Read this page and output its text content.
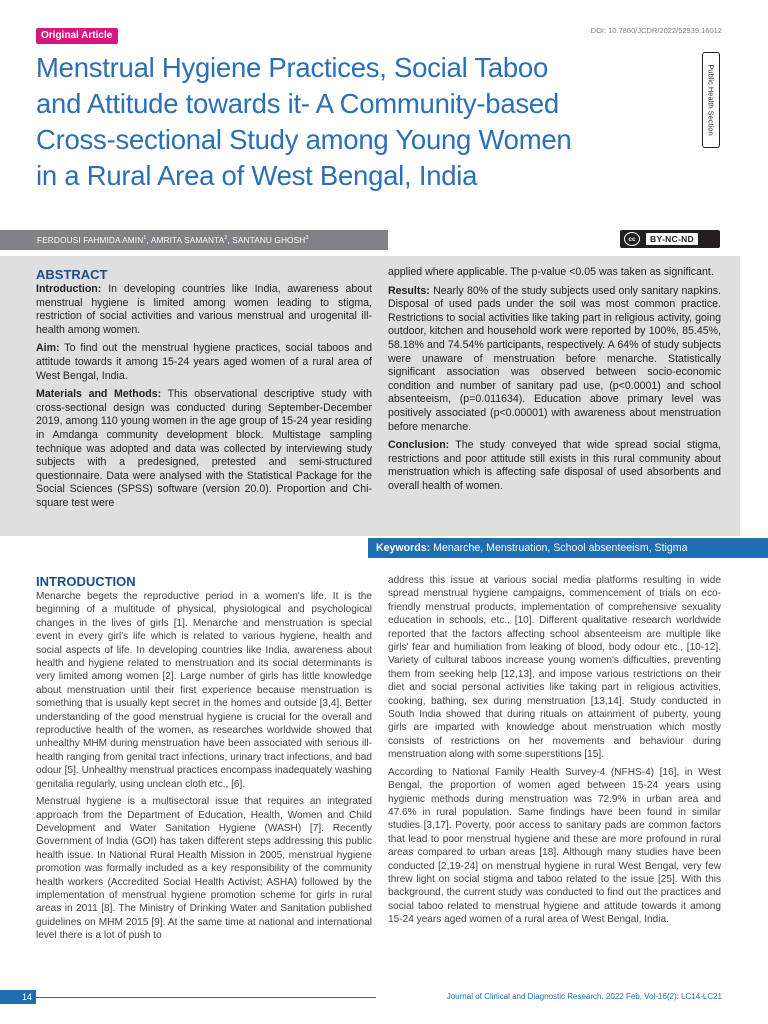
Original Article	DOI: 10.7860/JCDR/2022/52939.16012
Public Health Section
Menstrual Hygiene Practices, Social Taboo
and Attitude towards it- A Community-based
Cross-sectional Study among Young Women
in a Rural Area of West Bengal, India
FERDOUSI FAHMIDA AMIN$^1$, AMRITA SAMANTA$^2$, SANTANU GHOSH$^3$	cc	BY-NC-ND
ABSTRACT

Introduction: In developing countries like India, awareness about menstrual hygiene is limited among women leading to stigma, restriction of social activities and various menstrual and urogenital ill-health among women.

Aim: To find out the menstrual hygiene practices, social taboos and attitude towards it among 15-24 years aged women of a rural area of West Bengal, India.

Materials and Methods: This observational descriptive study with cross-sectional design was conducted during September-December 2019, among 110 young women in the age group of 15-24 year residing in Amdanga community development block. Multistage sampling technique was adopted and data was collected by interviewing study subjects with a predesigned, pretested and semi-structured questionnaire. Data were analysed with the Statistical Package for the Social Sciences (SPSS) software (version 20.0). Proportion and Chi-square test were

applied where applicable. The p-value <0.05 was taken as significant.

Results: Nearly 80% of the study subjects used only sanitary napkins. Disposal of used pads under the soil was most common practice. Restrictions to social activities like taking part in religious activity, going outdoor, kitchen and household work were reported by 100%, 85.45%, 58.18% and 74.54% participants, respectively. A 64% of study subjects were unaware of menstruation before menarche. Statistically significant association was observed between socio-economic condition and number of sanitary pad use, (p<0.0001) and school absenteeism, (p=0.011634). Education above primary level was positively associated (p<0.00001) with awareness about menstruation before menarche.

Conclusion: The study conveyed that wide spread social stigma, restrictions and poor attitude still exists in this rural community about menstruation which is affecting safe disposal of used absorbents and overall health of women.

Keywords: Menarche, Menstruation, School absenteeism, Stigma
INTRODUCTION

Menarche begets the reproductive period in a women's life. It is the beginning of a multitude of physical, physiological and psychological changes in the lives of girls [1]. Menarche and menstruation is special event in every girl's life which is related to various hygiene, health and social aspects of life. In developing countries like India, awareness about health and hygiene related to menstruation and its social determinants is very limited among women [2]. Large number of girls has little knowledge about menstruation until their first experience because menstruation is something that is usually kept secret in the homes and outside [3,4]. Better understanding of the good menstrual hygiene is crucial for the overall and reproductive health of the women, as researches worldwide showed that unhealthy MHM during menstruation have been associated with serious ill-health ranging from genital tract infections, urinary tract infections, and bad odour [5]. Unhealthy menstrual practices encompass inadequately washing genitalia regularly, using unclean cloth etc., [6].

Menstrual hygiene is a multisectoral issue that requires an integrated approach from the Department of Education, Health, Women and Child Development and Water Sanitation Hygiene (WASH) [7]. Recently Government of India (GOI) has taken different steps addressing this public health issue. In National Rural Health Mission in 2005, menstrual hygiene promotion was formally included as a key responsibility of the community health workers (Accredited Social Health Activist; ASHA) followed by the implementation of menstrual hygiene promotion scheme for girls in rural areas in 2011 [8]. The Ministry of Drinking Water and Sanitation published guidelines on MHM 2015 [9]. At the same time at national and international level there is a lot of push to

address this issue at various social media platforms resulting in wide spread menstrual hygiene campaigns, commencement of trials on eco-friendly menstrual products, implementation of comprehensive sexuality education in schools, etc., [10]. Different qualitative research worldwide reported that the factors affecting school absenteeism are multiple like girls' fear and humiliation from leaking of blood, body odour etc., [10-12]. Variety of cultural taboos increase young women's difficulties, preventing them from seeking help [12,13], and impose various restrictions on their diet and social personal activities like taking part in religious activities, cooking, bathing, sex during menstruation [13,14]. Study conducted in South India showed that during rituals on attainment of puberty, young girls are imparted with knowledge about menstruation which mostly consists of restrictions on her movements and behaviour during menstruation along with some superstitions [15].

According to National Family Health Survey-4 (NFHS-4) [16], in West Bengal, the proportion of women aged between 15-24 years using hygienic methods during menstruation was 72.9% in urban area and 47.6% in rural population. Same findings have been found in similar studies [3,17]. Poverty, poor access to sanitary pads are common factors that lead to poor menstrual hygiene and these are more profound in rural areas compared to urban areas [18]. Although many studies have been conducted [2,19-24] on menstrual hygiene in rural West Bengal, very few threw light on social stigma and taboo related to the issue [25]. With this background, the current study was conducted to find out the practices and social taboo related to menstrual hygiene and attitude towards it among 15-24 years aged women of a rural area of West Bengal, India.

14	Journal of Clinical and Diagnostic Research. 2022 Feb, Vol-16(2): LC14-LC21
